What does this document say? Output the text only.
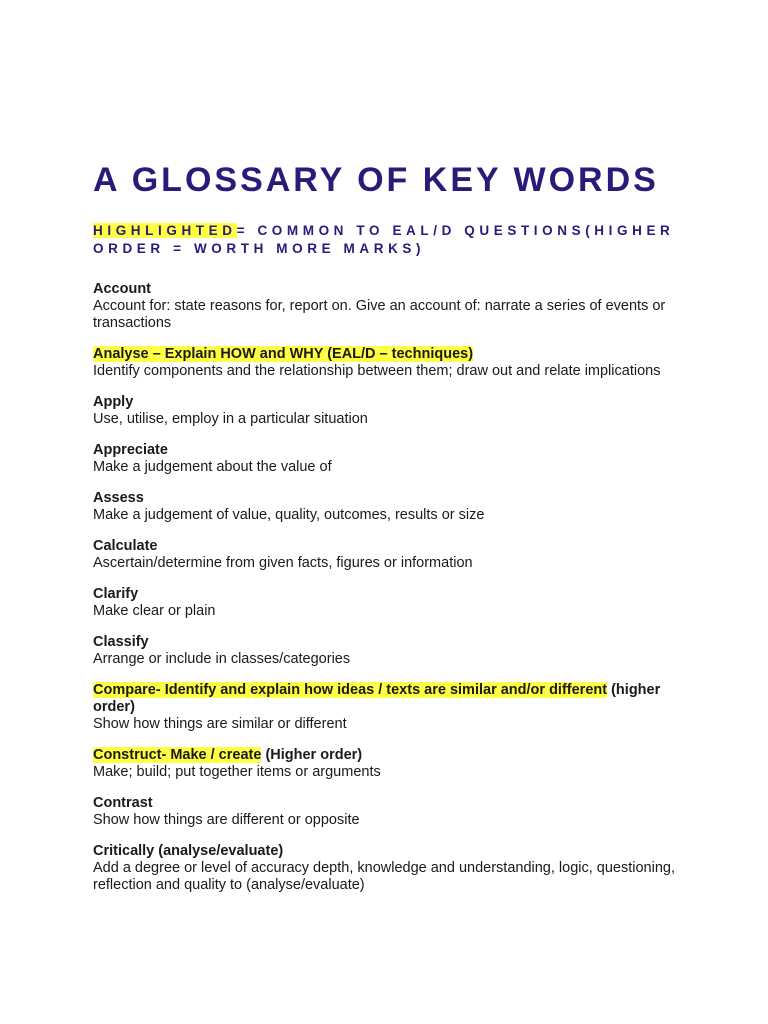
A GLOSSARY OF KEY WORDS
HIGHLIGHTED= COMMON TO EAL/D QUESTIONS(HIGHER ORDER = WORTH MORE MARKS)
Account
Account for: state reasons for, report on. Give an account of: narrate a series of events or transactions
Analyse – Explain HOW and WHY (EAL/D – techniques)
Identify components and the relationship between them; draw out and relate implications
Apply
Use, utilise, employ in a particular situation
Appreciate
Make a judgement about the value of
Assess
Make a judgement of value, quality, outcomes, results or size
Calculate
Ascertain/determine from given facts, figures or information
Clarify
Make clear or plain
Classify
Arrange or include in classes/categories
Compare- Identify and explain how ideas / texts are similar and/or different (higher order)
Show how things are similar or different
Construct- Make / create (Higher order)
Make; build; put together items or arguments
Contrast
Show how things are different or opposite
Critically (analyse/evaluate)
Add a degree or level of accuracy depth, knowledge and understanding, logic, questioning, reflection and quality to (analyse/evaluate)
